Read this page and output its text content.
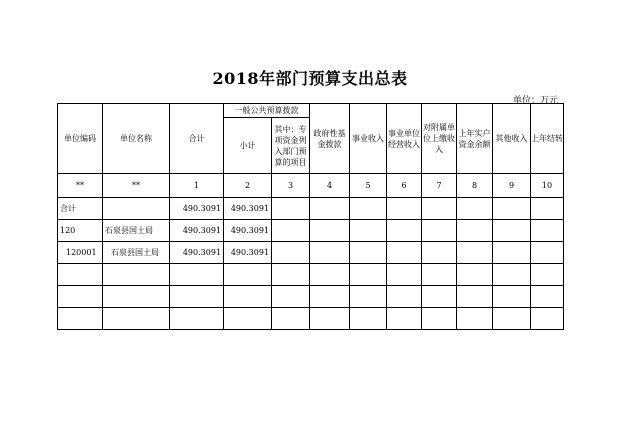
2018年部门预算支出总表
单位：万元
单位编码	单位名称	合计	一般公共预算拨款		政府性基金拨款	事业收入	事业单位经营收入	对附属单位上缴收入	上年实户资金余额	其他收入	上年结转
			小计	其中：专项资金列入部门预算的项目							
**	**	1	2	3	4	5	6	7	8	9	10
合计		490.3091	490.3091								
120	石泉县国土局	490.3091	490.3091								
120001	石泉县国土局	490.3091	490.3091								
